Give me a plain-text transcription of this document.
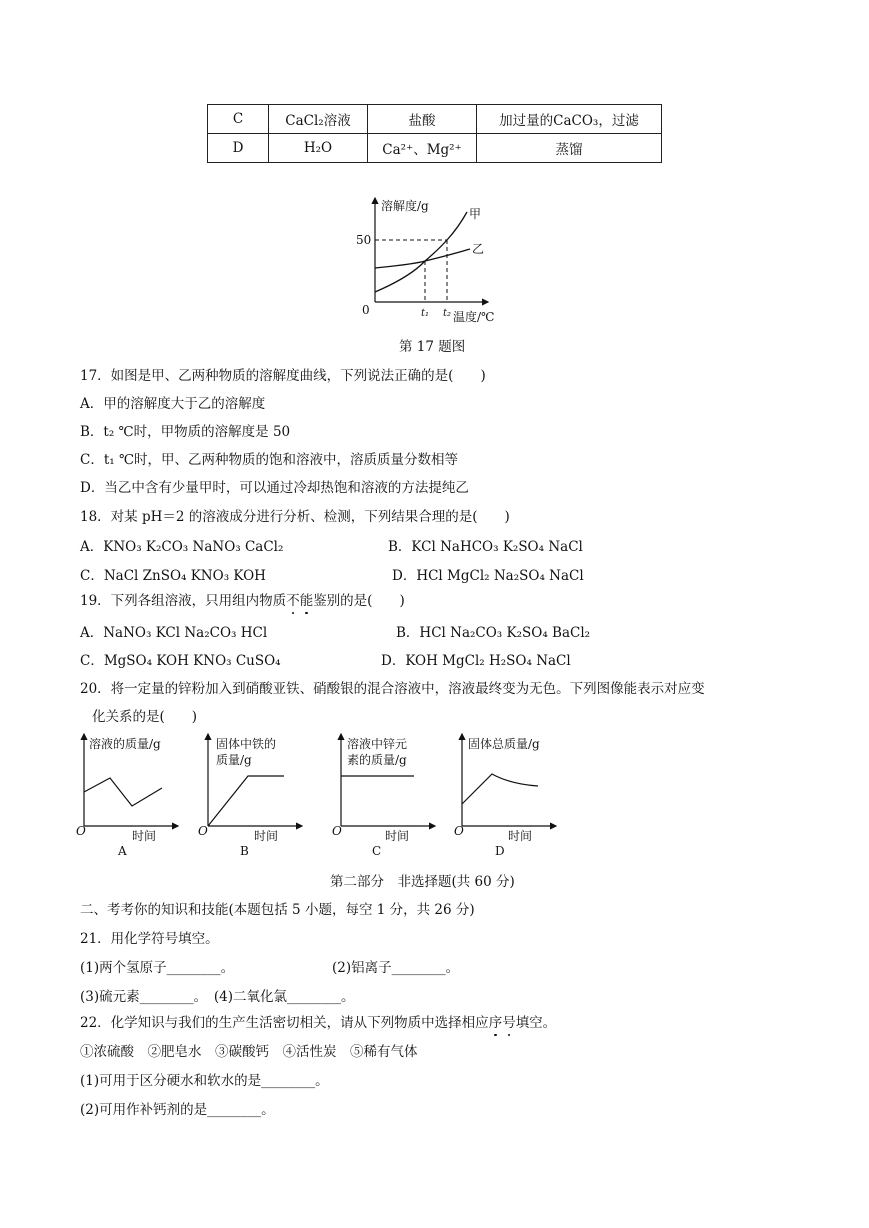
C	CaCl₂溶液	盐酸	加过量的CaCO₃，过滤
D	H₂O	Ca²⁺、Mg²⁺	蒸馏
溶解度/g
50
0	t₁ t₂ 温度/℃
甲
乙
第 17 题图
17．如图是甲、乙两种物质的溶解度曲线，下列说法正确的是(　　)
A．甲的溶解度大于乙的溶解度
B．t₂ ℃时，甲物质的溶解度是 50
C．t₁ ℃时，甲、乙两种物质的饱和溶液中，溶质质量分数相等
D．当乙中含有少量甲时，可以通过冷却热饱和溶液的方法提纯乙
18．对某 pH＝2 的溶液成分进行分析、检测，下列结果合理的是(　　)
A．KNO₃ K₂CO₃ NaNO₃ CaCl₂	B．KCl NaHCO₃ K₂SO₄ NaCl
C．NaCl ZnSO₄ KNO₃ KOH	D．HCl MgCl₂ Na₂SO₄ NaCl
19．下列各组溶液，只用组内物质不能鉴别的是(　　)
A．NaNO₃ KCl Na₂CO₃ HCl	B．HCl Na₂CO₃ K₂SO₄ BaCl₂
C．MgSO₄ KOH KNO₃ CuSO₄	D．KOH MgCl₂ H₂SO₄ NaCl
20．将一定量的锌粉加入到硝酸亚铁、硝酸银的混合溶液中，溶液最终变为无色。下列图像能表示对应变
化关系的是(　　)
溶液的质量/g
O	时间
A
固体中铁的
质量/g
O	时间
B
溶液中锌元
素的质量/g
O	时间
C
固体总质量/g
O	时间
D
第二部分　非选择题(共 60 分)
二、考考你的知识和技能(本题包括 5 小题，每空 1 分，共 26 分)
21．用化学符号填空。
(1)两个氢原子________。	(2)铝离子________。
(3)硫元素________。　(4)二氧化氯________。
22．化学知识与我们的生产生活密切相关，请从下列物质中选择相应序号填空。
①浓硫酸　②肥皂水　③碳酸钙　④活性炭　⑤稀有气体
(1)可用于区分硬水和软水的是________。
(2)可用作补钙剂的是________。
